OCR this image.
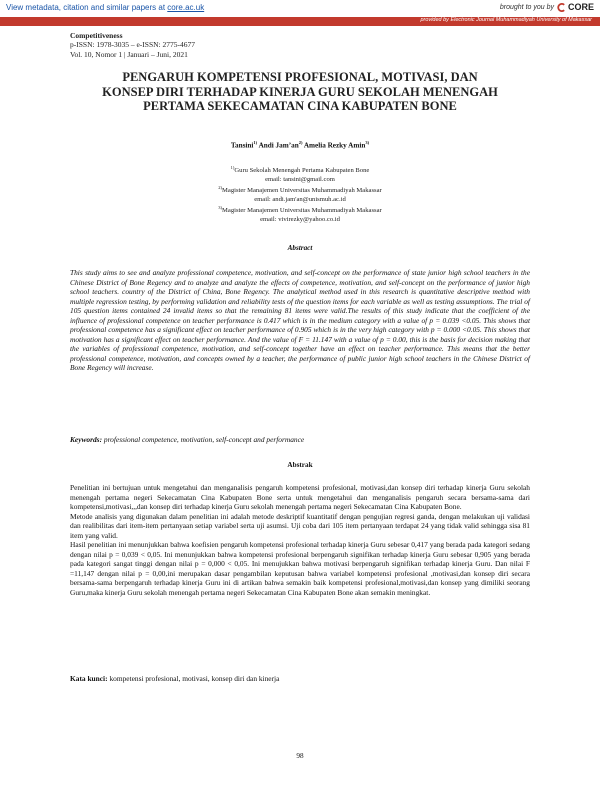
View metadata, citation and similar papers at core.ac.uk	brought to you by CORE
provided by Electronic Journal Muhammadiyah University of Makassar
Competitiveness
p-ISSN: 1978-3035 – e-ISSN: 2775-4677
Vol. 10, Nomor 1 | Januari – Juni, 2021
PENGARUH KOMPETENSI PROFESIONAL, MOTIVASI, DAN
KONSEP DIRI TERHADAP KINERJA GURU SEKOLAH MENENGAH
PERTAMA SEKECAMATAN CINA KABUPATEN BONE
Tansini$^{1)}$ Andi $Jam’an^{2)}$ Amelia Rezky Amin$^{3)}$
$^{1)}$Guru Sekolah Menengah Pertama Kabupaten Bone
email: tansini@gmail.com
$^{2)}$Magister Manajemen Universitas Muhammadiyah Makassar
email: andi.jam'an@unismuh.ac.id
$^{3)}$Magister Manajemen Universitas Muhammadiyah Makassar
email: vivirezky@yahoo.co.id
Abstract
This study aims to see and analyze professional competence, motivation, and self-concept on the performance of state junior high school teachers in the Chinese District of Bone Regency and to analyze and analyze the effects of competence, motivation, and self-concept on the performance of junior high school teachers. country of the District of China, Bone Regency. The analytical method used in this research is quantitative descriptive method with multiple regression testing, by performing validation and reliability tests of the question items for each variable as well as testing assumptions. The trial of 105 question items contained 24 invalid items so that the remaining 81 items were valid.The results of this study indicate that the coefficient of the influence of professional competence on teacher performance is 0.417 which is in the medium category with a value of p = 0.039 <0.05. This shows that professional competence has a significant effect on teacher performance of 0.905 which is in the very high category with p = 0.000 <0.05. This shows that motivation has a significant effect on teacher performance. And the value of F = 11.147 with a value of p = 0.00, this is the basis for decision making that the variables of professional competence, motivation, and self-concept together have an effect on teacher performance. This means that the better professional competence, motivation, and concepts owned by a teacher, the performance of public junior high school teachers in the Chinese District of Bone Regency will increase.
Keywords: professional competence, motivation, self-concept and performance
Abstrak

Penelitian ini bertujuan untuk mengetahui dan menganalisis pengaruh kompetensi profesional, motivasi,dan konsep diri terhadap kinerja Guru sekolah menengah pertama negeri Sekecamatan Cina Kabupaten Bone serta untuk mengetahui dan menganalisis pengaruh secara bersama-sama dari kompetensi,motivasi,,,dan konsep diri terhadap kinerja Guru sekolah menengah pertama negeri Sekecamatan Cina Kabupaten Bone.

Metode analisis yang digunakan dalam penelitian ini adalah metode deskriptif kuantitatif dengan pengujian regresi ganda, dengan melakukan uji validasi dan realibilitas dari item-item pertanyaan setiap variabel serta uji asumsi. Uji coba dari 105 item pertanyaan terdapat 24 yang tidak valid sehingga sisa 81 item yang valid.

Hasil penelitian ini menunjukkan bahwa koefisien pengaruh kompetensi profesional terhadap kinerja Guru sebesar 0,417 yang berada pada kategori sedang dengan nilai p = 0,039 < 0,05. Ini menunjukkan bahwa kompetensi profesional berpengaruh signifikan terhadap kinerja Guru sebesar 0,905 yang berada pada kategori sangat tinggi dengan nilai p = 0,000 < 0,05. Ini menujukkan bahwa motivasi berpengaruh signifikan terhadap kinerja Guru. Dan nilai F =11,147 dengan nilai p = 0,00,ini merupakan dasar pengambilan keputusan bahwa variabel kompetensi profesional ,motivasi,dan konsep diri secara bersama-sama berpengaruh terhadap kinerja Guru ini di artikan bahwa semakin baik kompetensi profesional,motivasi,dan konsep yang dimiliki seorang Guru,maka kinerja Guru sekolah menengah pertama negeri Sekecamatan Cina Kabupaten Bone akan semakin meningkat.

Kata kunci: kompetensi profesional, motivasi, konsep diri dan kinerja
98
